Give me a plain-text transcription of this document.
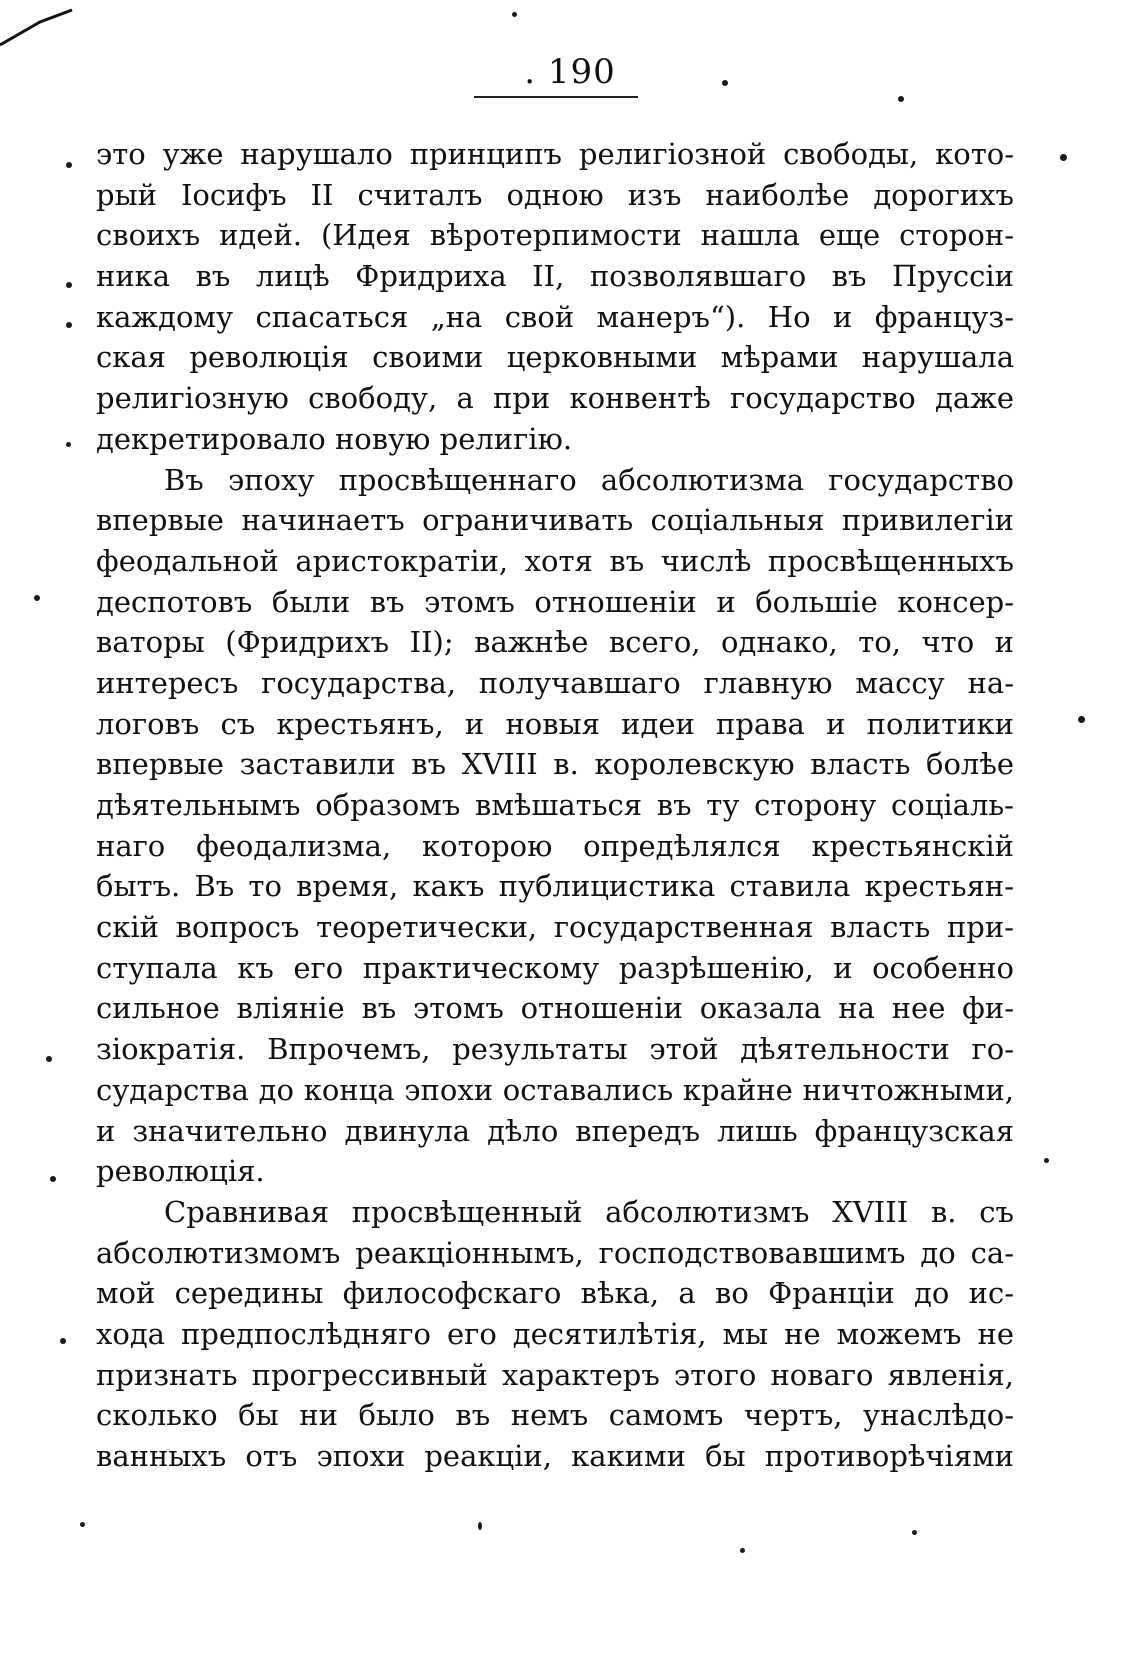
. 190
это уже нарушало принципъ религіозной свободы, кото-
рый Іосифъ II считалъ одною изъ наиболѣе дорогихъ
своихъ идей. (Идея вѣротерпимости нашла еще сторон-
ника въ лицѣ Фридриха II, позволявшаго въ Пруссіи
каждому спасаться „на свой манеръ“). Но и француз-
ская революція своими церковными мѣрами нарушала
религіозную свободу, а при конвентѣ государство даже
декретировало новую религію.
Въ эпоху просвѣщеннаго абсолютизма государство
впервые начинаетъ ограничивать соціальныя привилегіи
феодальной аристократіи, хотя въ числѣ просвѣщенныхъ
деспотовъ были въ этомъ отношеніи и большіе консер-
ваторы (Фридрихъ II); важнѣе всего, однако, то, что и
интересъ государства, получавшаго главную массу на-
логовъ съ крестьянъ, и новыя идеи права и политики
впервые заставили въ XVIII в. королевскую власть болѣе
дѣятельнымъ образомъ вмѣшаться въ ту сторону соціаль-
наго феодализма, которою опредѣлялся крестьянскій
бытъ. Въ то время, какъ публицистика ставила крестьян-
скій вопросъ теоретически, государственная власть при-
ступала къ его практическому разрѣшенію, и особенно
сильное вліяніе въ этомъ отношеніи оказала на нее фи-
зіократія. Впрочемъ, результаты этой дѣятельности го-
сударства до конца эпохи оставались крайне ничтожными,
и значительно двинула дѣло впередъ лишь французская
революція.
Сравнивая просвѣщенный абсолютизмъ XVIII в. съ
абсолютизмомъ реакціоннымъ, господствовавшимъ до са-
мой середины философскаго вѣка, а во Франціи до ис-
хода предпослѣдняго его десятилѣтія, мы не можемъ не
признать прогрессивный характеръ этого новаго явленія,
сколько бы ни было въ немъ самомъ чертъ, унаслѣдо-
ванныхъ отъ эпохи реакціи, какими бы противорѣчіями
